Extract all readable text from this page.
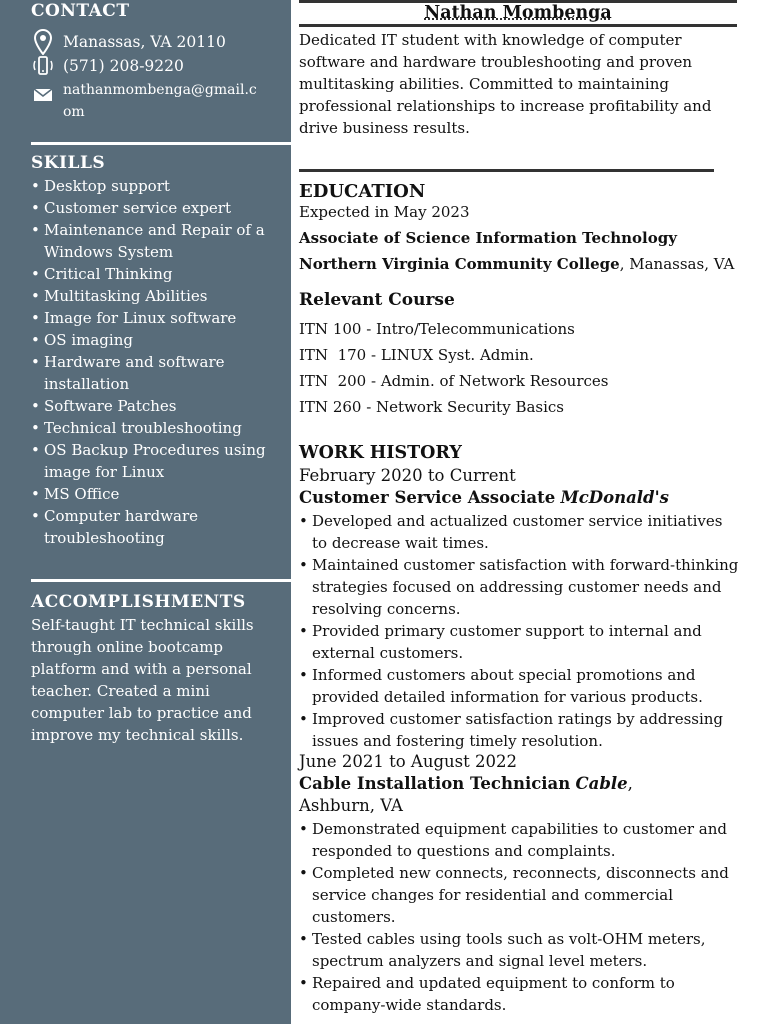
CONTACT
Manassas, VA 20110
(571) 208-9220
nathanmombenga@gmail.c
om
SKILLS
• Desktop support
• Customer service expert
• Maintenance and Repair of a Windows System
• Critical Thinking
• Multitasking Abilities
• Image for Linux software
• OS imaging
• Hardware and software installation
• Software Patches
• Technical troubleshooting
• OS Backup Procedures using image for Linux
• MS Office
• Computer hardware troubleshooting
ACCOMPLISHMENTS

Self-taught IT technical skills through online bootcamp platform and with a personal teacher. Created a mini computer lab to practice and improve my technical skills.

Nathan Mombenga

Dedicated IT student with knowledge of computer software and hardware troubleshooting and proven multitasking abilities. Committed to maintaining professional relationships to increase profitability and drive business results.

EDUCATION
Expected in May 2023
Associate of Science Information Technology
Northern Virginia Community College, Manassas, VA
Relevant Course
ITN 100 - Intro/Telecommunications
ITN  170 - LINUX Syst. Admin.
ITN  200 - Admin. of Network Resources
ITN 260 - Network Security Basics
WORK HISTORY
February 2020 to Current
Customer Service Associate McDonald's
• Developed and actualized customer service initiatives to decrease wait times.
• Maintained customer satisfaction with forward-thinking strategies focused on addressing customer needs and resolving concerns.
• Provided primary customer support to internal and external customers.
• Informed customers about special promotions and provided detailed information for various products.
• Improved customer satisfaction ratings by addressing issues and fostering timely resolution.
June 2021 to August 2022
Cable Installation Technician Cable, Ashburn, VA
• Demonstrated equipment capabilities to customer and responded to questions and complaints.
• Completed new connects, reconnects, disconnects and service changes for residential and commercial customers.
• Tested cables using tools such as volt-OHM meters, spectrum analyzers and signal level meters.
• Repaired and updated equipment to conform to company-wide standards.
